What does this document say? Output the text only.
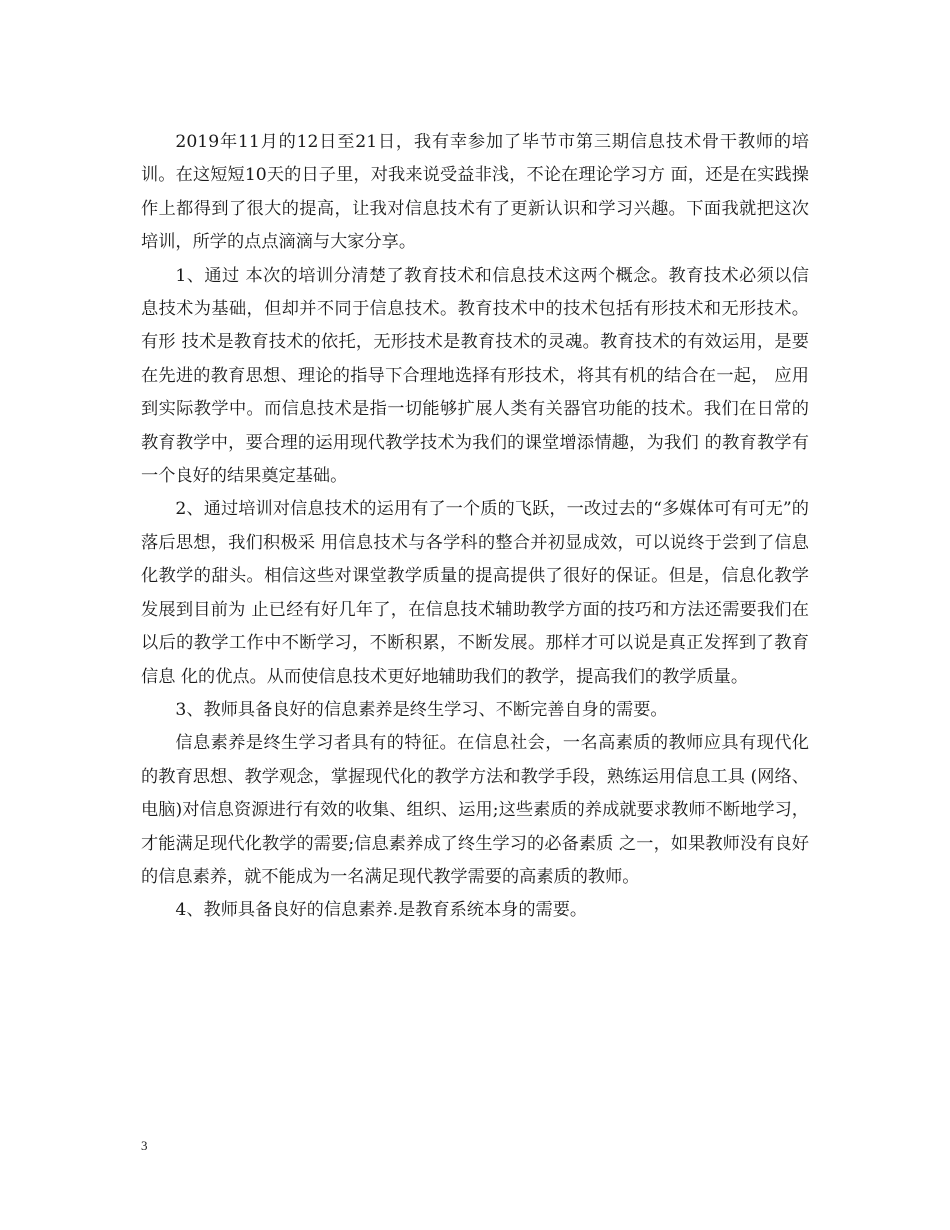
2019年11月的12日至21日，我有幸参加了毕节市第三期信息技术骨干教师的培训。在这短短10天的日子里，对我来说受益非浅，不论在理论学习方 面，还是在实践操作上都得到了很大的提高，让我对信息技术有了更新认识和学习兴趣。下面我就把这次培训，所学的点点滴滴与大家分享。

1、通过 本次的培训分清楚了教育技术和信息技术这两个概念。教育技术必须以信息技术为基础，但却并不同于信息技术。教育技术中的技术包括有形技术和无形技术。有形 技术是教育技术的依托，无形技术是教育技术的灵魂。教育技术的有效运用，是要在先进的教育思想、理论的指导下合理地选择有形技术，将其有机的结合在一起， 应用到实际教学中。而信息技术是指一切能够扩展人类有关器官功能的技术。我们在日常的教育教学中，要合理的运用现代教学技术为我们的课堂增添情趣，为我们 的教育教学有一个良好的结果奠定基础。

2、通过培训对信息技术的运用有了一个质的飞跃，一改过去的“多媒体可有可无”的落后思想，我们积极采 用信息技术与各学科的整合并初显成效，可以说终于尝到了信息化教学的甜头。相信这些对课堂教学质量的提高提供了很好的保证。但是，信息化教学发展到目前为 止已经有好几年了，在信息技术辅助教学方面的技巧和方法还需要我们在以后的教学工作中不断学习，不断积累，不断发展。那样才可以说是真正发挥到了教育信息 化的优点。从而使信息技术更好地辅助我们的教学，提高我们的教学质量。

3、教师具备良好的信息素养是终生学习、不断完善自身的需要。

信息素养是终生学习者具有的特征。在信息社会，一名高素质的教师应具有现代化的教育思想、教学观念，掌握现代化的教学方法和教学手段，熟练运用信息工具 (网络、电脑)对信息资源进行有效的收集、组织、运用;这些素质的养成就要求教师不断地学习，才能满足现代化教学的需要;信息素养成了终生学习的必备素质 之一，如果教师没有良好的信息素养，就不能成为一名满足现代教学需要的高素质的教师。

4、教师具备良好的信息素养.是教育系统本身的需要。

3
